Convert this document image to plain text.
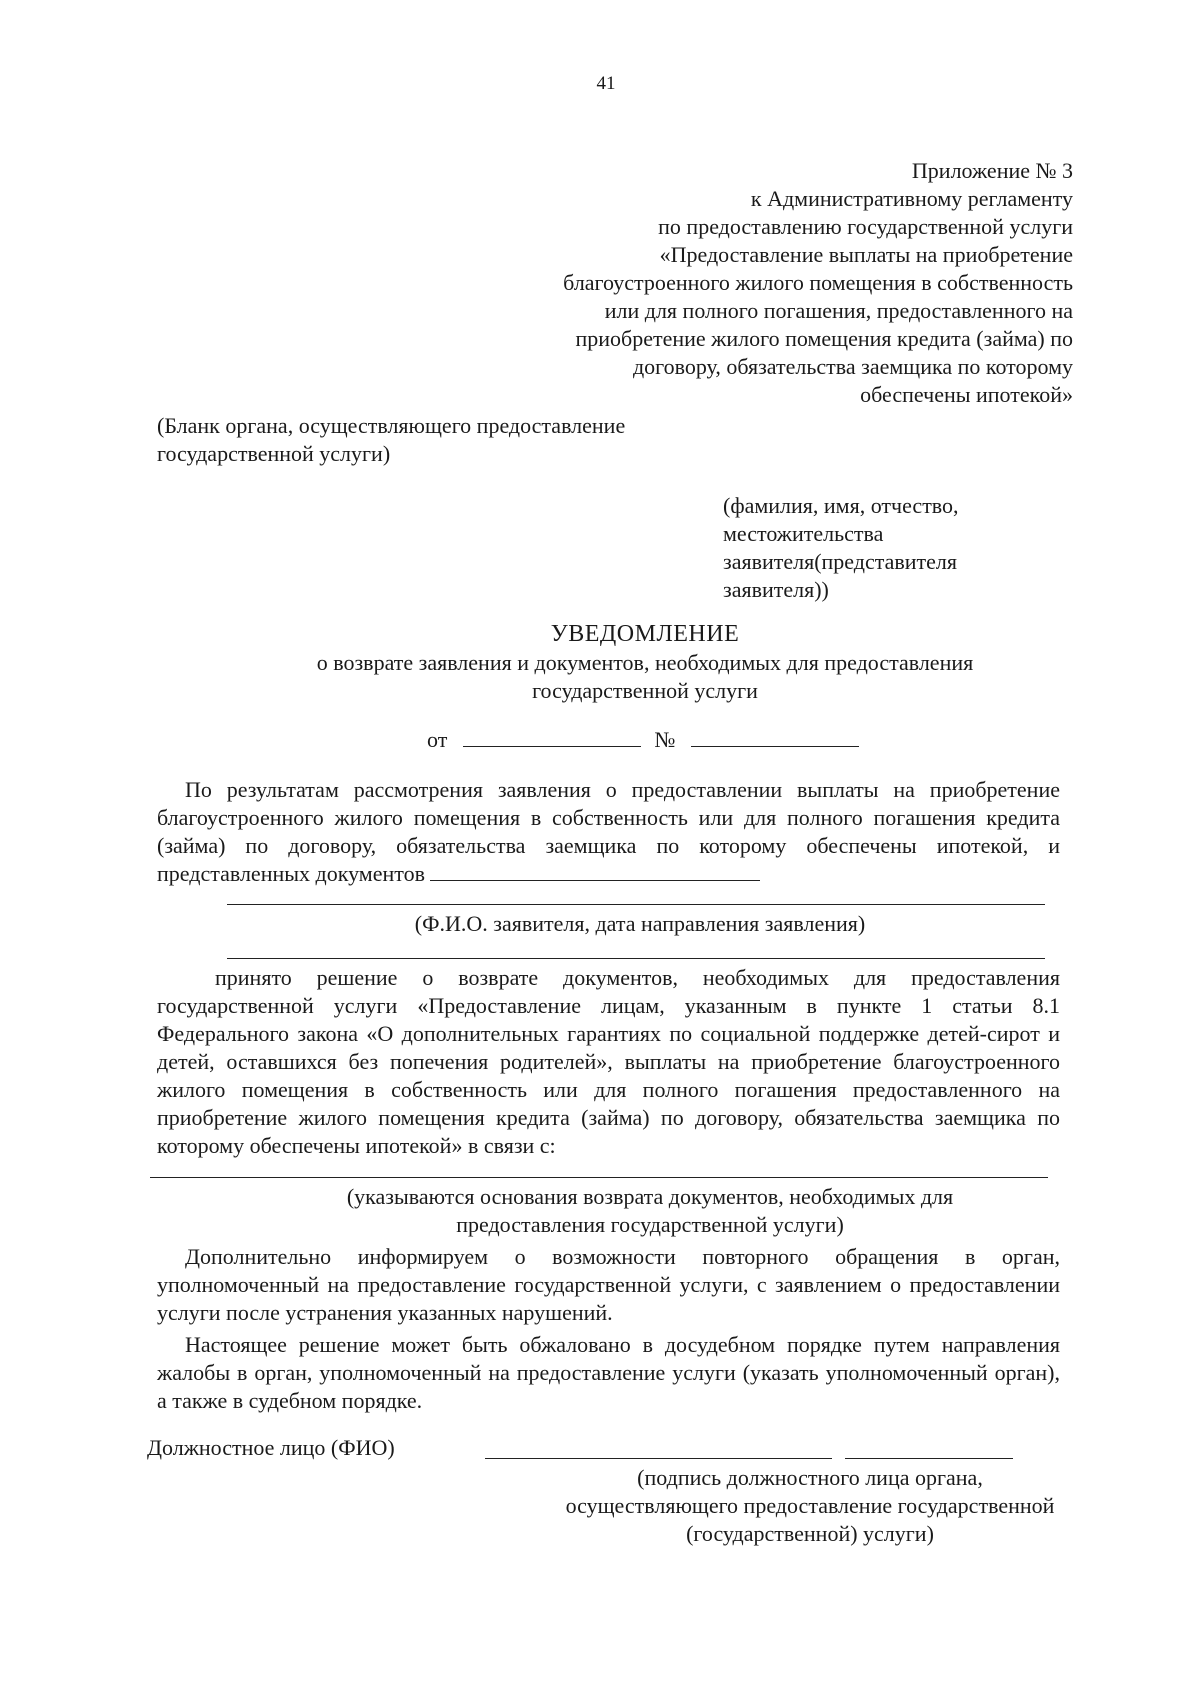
41
Приложение № 3
к Административному регламенту
по предоставлению государственной услуги
«Предоставление выплаты на приобретение
благоустроенного жилого помещения в собственность
или для полного погашения, предоставленного на
приобретение жилого помещения кредита (займа) по
договору, обязательства заемщика по которому
обеспечены ипотекой»
(Бланк органа, осуществляющего предоставление
государственной услуги)
(фамилия, имя, отчество,
местожительства
заявителя(представителя
заявителя))
УВЕДОМЛЕНИЕ
о возврате заявления и документов, необходимых для предоставления
государственной услуги
от	№
По результатам рассмотрения заявления о предоставлении выплаты на приобретение благоустроенного жилого помещения в собственность или для полного погашения кредита (займа) по договору, обязательства заемщика по которому обеспечены ипотекой, и представленных документов
(Ф.И.О. заявителя, дата направления заявления)
принято решение о возврате документов, необходимых для предоставления государственной услуги «Предоставление лицам, указанным в пункте 1 статьи 8.1 Федерального закона «О дополнительных гарантиях по социальной поддержке детей-сирот и детей, оставшихся без попечения родителей», выплаты на приобретение благоустроенного жилого помещения в собственность или для полного погашения предоставленного на приобретение жилого помещения кредита (займа) по договору, обязательства заемщика по которому обеспечены ипотекой» в связи с:
(указываются основания возврата документов, необходимых для
предоставления государственной услуги)
Дополнительно информируем о возможности повторного обращения в орган, уполномоченный на предоставление государственной услуги, с заявлением о предоставлении услуги после устранения указанных нарушений.
Настоящее решение может быть обжаловано в досудебном порядке путем направления жалобы в орган, уполномоченный на предоставление услуги (указать уполномоченный орган), а также в судебном порядке.
Должностное лицо (ФИО)
(подпись должностного лица органа,
осуществляющего предоставление государственной
(государственной) услуги)
